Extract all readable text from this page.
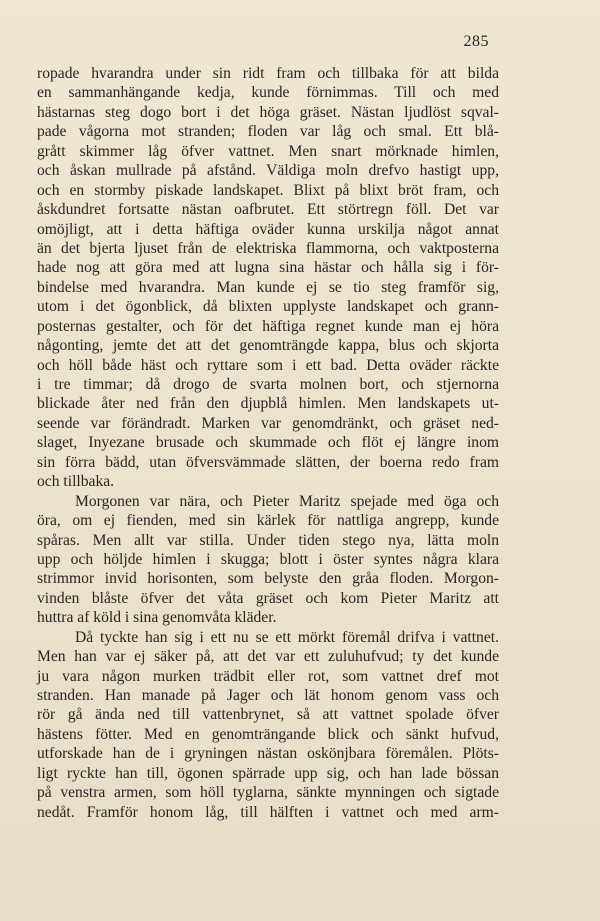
285
ropade hvarandra under sin ridt fram och tillbaka för att bilda
en sammanhängande kedja, kunde förnimmas. Till och med
hästarnas steg dogo bort i det höga gräset. Nästan ljudlöst sqval-
pade vågorna mot stranden; floden var låg och smal. Ett blå-
grått skimmer låg öfver vattnet. Men snart mörknade himlen,
och åskan mullrade på afstånd. Väldiga moln drefvo hastigt upp,
och en stormby piskade landskapet. Blixt på blixt bröt fram, och
åskdundret fortsatte nästan oafbrutet. Ett störtregn föll. Det var
omöjligt, att i detta häftiga oväder kunna urskilja något annat
än det bjerta ljuset från de elektriska flammorna, och vaktposterna
hade nog att göra med att lugna sina hästar och hålla sig i för-
bindelse med hvarandra. Man kunde ej se tio steg framför sig,
utom i det ögonblick, då blixten upplyste landskapet och grann-
posternas gestalter, och för det häftiga regnet kunde man ej höra
någonting, jemte det att det genomträngde kappa, blus och skjorta
och höll både häst och ryttare som i ett bad. Detta oväder räckte
i tre timmar; då drogo de svarta molnen bort, och stjernorna
blickade åter ned från den djupblå himlen. Men landskapets ut-
seende var förändradt. Marken var genomdränkt, och gräset ned-
slaget, Inyezane brusade och skummade och flöt ej längre inom
sin förra bädd, utan öfversvämmade slätten, der boerna redo fram
och tillbaka.
Morgonen var nära, och Pieter Maritz spejade med öga och
öra, om ej fienden, med sin kärlek för nattliga angrepp, kunde
spåras. Men allt var stilla. Under tiden stego nya, lätta moln
upp och höljde himlen i skugga; blott i öster syntes några klara
strimmor invid horisonten, som belyste den gråa floden. Morgon-
vinden blåste öfver det våta gräset och kom Pieter Maritz att
huttra af köld i sina genomvåta kläder.
Då tyckte han sig i ett nu se ett mörkt föremål drifva i vattnet.
Men han var ej säker på, att det var ett zuluhufvud; ty det kunde
ju vara någon murken trädbit eller rot, som vattnet dref mot
stranden. Han manade på Jager och lät honom genom vass och
rör gå ända ned till vattenbrynet, så att vattnet spolade öfver
hästens fötter. Med en genomträngande blick och sänkt hufvud,
utforskade han de i gryningen nästan oskönjbara föremålen. Plöts-
ligt ryckte han till, ögonen spärrade upp sig, och han lade bössan
på venstra armen, som höll tyglarna, sänkte mynningen och sigtade
nedåt. Framför honom låg, till hälften i vattnet och med arm-
